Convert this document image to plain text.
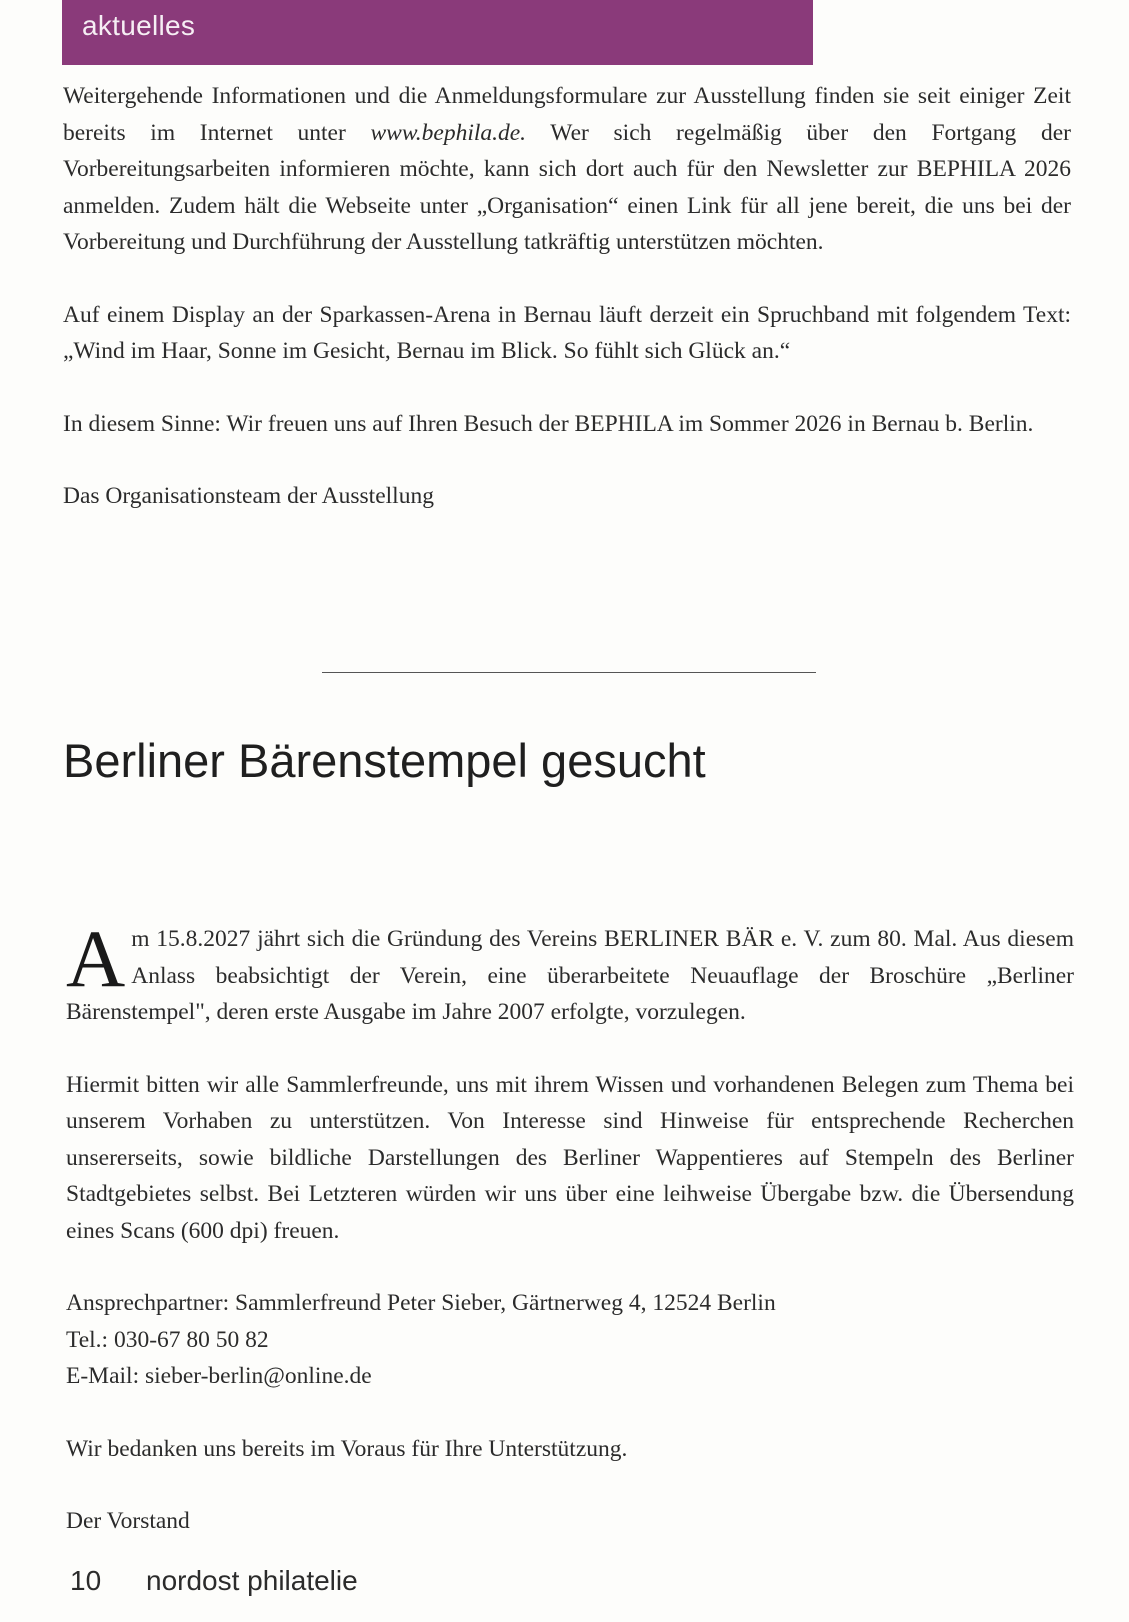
aktuelles

Weitergehende Informationen und die Anmeldungsformulare zur Ausstellung finden sie seit einiger Zeit bereits im Internet unter www.bephila.de. Wer sich regelmäßig über den Fortgang der Vorbereitungsarbeiten informieren möchte, kann sich dort auch für den Newsletter zur BEPHILA 2026 anmelden. Zudem hält die Webseite unter „Organisation“ einen Link für all jene bereit, die uns bei der Vorbereitung und Durchführung der Ausstellung tatkräftig unterstützen möchten.

Auf einem Display an der Sparkassen-Arena in Bernau läuft derzeit ein Spruchband mit folgendem Text: „Wind im Haar, Sonne im Gesicht, Bernau im Blick. So fühlt sich Glück an.“

In diesem Sinne: Wir freuen uns auf Ihren Besuch der BEPHILA im Sommer 2026 in Bernau b. Berlin.

Das Organisationsteam der Ausstellung

Berliner Bärenstempel gesucht

Am 15.8.2027 jährt sich die Gründung des Vereins BERLINER BÄR e. V. zum 80. Mal. Aus diesem Anlass beabsichtigt der Verein, eine überarbeitete Neuauflage der Broschüre „Berliner Bärenstempel", deren erste Ausgabe im Jahre 2007 erfolgte, vorzulegen.

Hiermit bitten wir alle Sammlerfreunde, uns mit ihrem Wissen und vorhandenen Belegen zum Thema bei unserem Vorhaben zu unterstützen. Von Interesse sind Hinweise für entsprechende Recherchen unsererseits, sowie bildliche Darstellungen des Berliner Wappentieres auf Stempeln des Berliner Stadtgebietes selbst. Bei Letzteren würden wir uns über eine leihweise Übergabe bzw. die Übersendung eines Scans (600 dpi) freuen.

Ansprechpartner: Sammlerfreund Peter Sieber, Gärtnerweg 4, 12524 Berlin
Tel.: 030-67 80 50 82
E-Mail: sieber-berlin@online.de

Wir bedanken uns bereits im Voraus für Ihre Unterstützung.

Der Vorstand

10 nordost philatelie
